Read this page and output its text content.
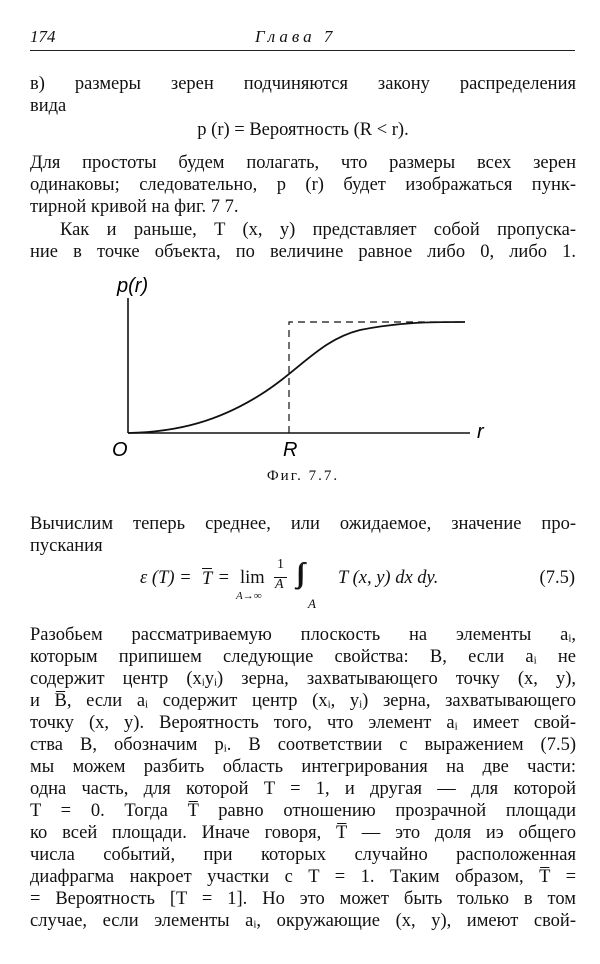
174	Глава 7
в) размеры зерен подчиняются закону распределения
вида
p (r) = Вероятность (R < r).
Для простоты будем полагать, что размеры всех зерен
одинаковы; следовательно, p (r) будет изображаться пунк-
тирной кривой на фиг. 7 7.
Как и раньше, T (x, y) представляет собой пропуска-
ние в точке объекта, по величине равное либо 0, либо 1.
p(r)
r
O	R
Фиг. 7.7.
Вычислим теперь среднее, или ожидаемое, значение про-
пускания
ε (T) = T = lim
A→∞
1
A ∫∫
A
T (x, y) dx dy.	(7.5)
Разобьем рассматриваемую плоскость на элементы aᵢ,
которым припишем следующие свойства: B, если aᵢ не
содержит центр (xᵢyᵢ) зерна, захватывающего точку (x, y),
и B̅, если aᵢ содержит центр (xᵢ, yᵢ) зерна, захватывающего
точку (x, y). Вероятность того, что элемент aᵢ имеет свой-
ства B, обозначим pᵢ. В соответствии с выражением (7.5)
мы можем разбить область интегрирования на две части:
одна часть, для которой T = 1, и другая — для которой
T = 0. Тогда T̅ равно отношению прозрачной площади
ко всей площади. Иначе говоря, T̅ — это доля иэ общего
числа событий, при которых случайно расположенная
диафрагма накроет участки с T = 1. Таким образом, T̅ =
= Вероятность [T = 1]. Но это может быть только в том
случае, если элементы aᵢ, окружающие (x, y), имеют свой-
